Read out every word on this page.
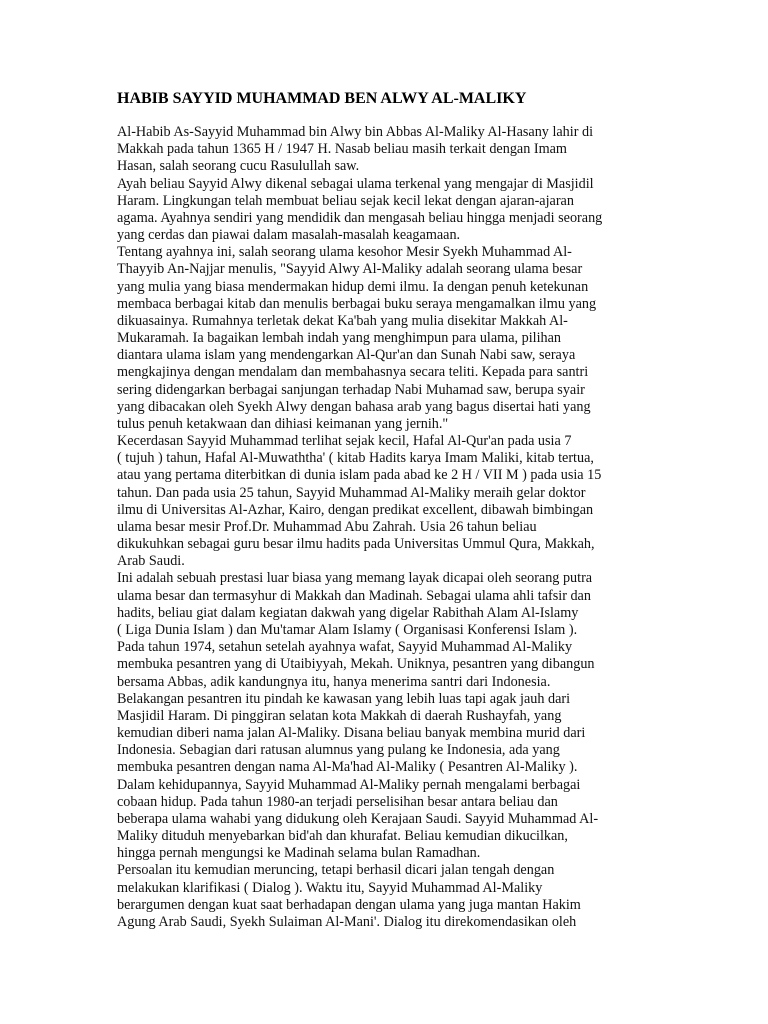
HABIB SAYYID MUHAMMAD BEN ALWY AL-MALIKY
Al-Habib As-Sayyid Muhammad bin Alwy bin Abbas Al-Maliky Al-Hasany lahir di
Makkah pada tahun 1365 H / 1947 H. Nasab beliau masih terkait dengan Imam
Hasan, salah seorang cucu Rasulullah saw.
Ayah beliau Sayyid Alwy dikenal sebagai ulama terkenal yang mengajar di Masjidil
Haram. Lingkungan telah membuat beliau sejak kecil lekat dengan ajaran-ajaran
agama. Ayahnya sendiri yang mendidik dan mengasah beliau hingga menjadi seorang
yang cerdas dan piawai dalam masalah-masalah keagamaan.
Tentang ayahnya ini, salah seorang ulama kesohor Mesir Syekh Muhammad Al-
Thayyib An-Najjar menulis, "Sayyid Alwy Al-Maliky adalah seorang ulama besar
yang mulia yang biasa mendermakan hidup demi ilmu. Ia dengan penuh ketekunan
membaca berbagai kitab dan menulis berbagai buku seraya mengamalkan ilmu yang
dikuasainya. Rumahnya terletak dekat Ka'bah yang mulia disekitar Makkah Al-
Mukaramah. Ia bagaikan lembah indah yang menghimpun para ulama, pilihan
diantara ulama islam yang mendengarkan Al-Qur'an dan Sunah Nabi saw, seraya
mengkajinya dengan mendalam dan membahasnya secara teliti. Kepada para santri
sering didengarkan berbagai sanjungan terhadap Nabi Muhamad saw, berupa syair
yang dibacakan oleh Syekh Alwy dengan bahasa arab yang bagus disertai hati yang
tulus penuh ketakwaan dan dihiasi keimanan yang jernih."
Kecerdasan Sayyid Muhammad terlihat sejak kecil, Hafal Al-Qur'an pada usia 7
( tujuh ) tahun, Hafal Al-Muwaththa' ( kitab Hadits karya Imam Maliki, kitab tertua,
atau yang pertama diterbitkan di dunia islam pada abad ke 2 H / VII M ) pada usia 15
tahun. Dan pada usia 25 tahun, Sayyid Muhammad Al-Maliky meraih gelar doktor
ilmu di Universitas Al-Azhar, Kairo, dengan predikat excellent, dibawah bimbingan
ulama besar mesir Prof.Dr. Muhammad Abu Zahrah. Usia 26 tahun beliau
dikukuhkan sebagai guru besar ilmu hadits pada Universitas Ummul Qura, Makkah,
Arab Saudi.
Ini adalah sebuah prestasi luar biasa yang memang layak dicapai oleh seorang putra
ulama besar dan termasyhur di Makkah dan Madinah. Sebagai ulama ahli tafsir dan
hadits, beliau giat dalam kegiatan dakwah yang digelar Rabithah Alam Al-Islamy
( Liga Dunia Islam ) dan Mu'tamar Alam Islamy ( Organisasi Konferensi Islam ).
Pada tahun 1974, setahun setelah ayahnya wafat, Sayyid Muhammad Al-Maliky
membuka pesantren yang di Utaibiyyah, Mekah. Uniknya, pesantren yang dibangun
bersama Abbas, adik kandungnya itu, hanya menerima santri dari Indonesia.
Belakangan pesantren itu pindah ke kawasan yang lebih luas tapi agak jauh dari
Masjidil Haram. Di pinggiran selatan kota Makkah di daerah Rushayfah, yang
kemudian diberi nama jalan Al-Maliky. Disana beliau banyak membina murid dari
Indonesia. Sebagian dari ratusan alumnus yang pulang ke Indonesia, ada yang
membuka pesantren dengan nama Al-Ma'had Al-Maliky ( Pesantren Al-Maliky ).
Dalam kehidupannya, Sayyid Muhammad Al-Maliky pernah mengalami berbagai
cobaan hidup. Pada tahun 1980-an terjadi perselisihan besar antara beliau dan
beberapa ulama wahabi yang didukung oleh Kerajaan Saudi. Sayyid Muhammad Al-
Maliky dituduh menyebarkan bid'ah dan khurafat. Beliau kemudian dikucilkan,
hingga pernah mengungsi ke Madinah selama bulan Ramadhan.
Persoalan itu kemudian meruncing, tetapi berhasil dicari jalan tengah dengan
melakukan klarifikasi ( Dialog ). Waktu itu, Sayyid Muhammad Al-Maliky
berargumen dengan kuat saat berhadapan dengan ulama yang juga mantan Hakim
Agung Arab Saudi, Syekh Sulaiman Al-Mani'. Dialog itu direkomendasikan oleh
